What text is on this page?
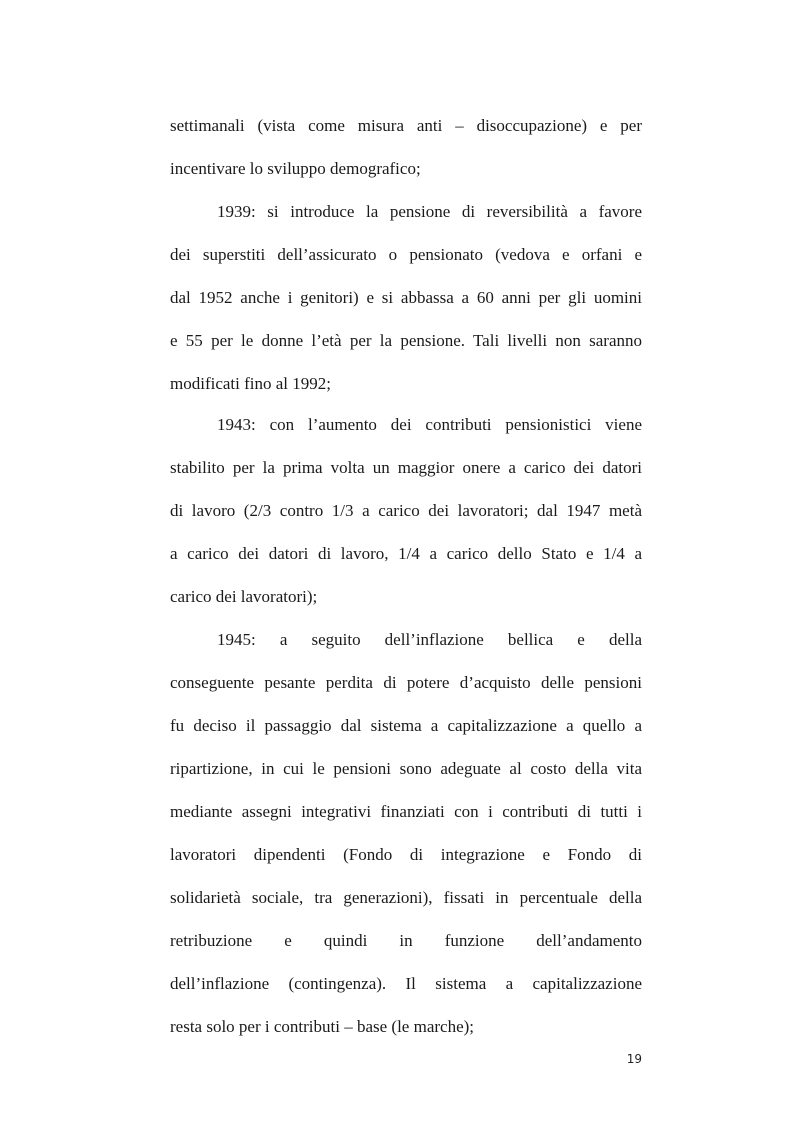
settimanali (vista come misura anti – disoccupazione) e per
incentivare lo sviluppo demografico;
1939: si introduce la pensione di reversibilità a favore
dei superstiti dell’assicurato o pensionato (vedova e orfani e
dal 1952 anche i genitori) e si abbassa a 60 anni per gli uomini
e 55 per le donne l’età per la pensione. Tali livelli non saranno
modificati fino al 1992;
1943: con l’aumento dei contributi pensionistici viene
stabilito per la prima volta un maggior onere a carico dei datori
di lavoro (2/3 contro 1/3 a carico dei lavoratori; dal 1947 metà
a carico dei datori di lavoro, 1/4 a carico dello Stato e 1/4 a
carico dei lavoratori);
1945: a seguito dell’inflazione bellica e della
conseguente pesante perdita di potere d’acquisto delle pensioni
fu deciso il passaggio dal sistema a capitalizzazione a quello a
ripartizione, in cui le pensioni sono adeguate al costo della vita
mediante assegni integrativi finanziati con i contributi di tutti i
lavoratori dipendenti (Fondo di integrazione e Fondo di
solidarietà sociale, tra generazioni), fissati in percentuale della
retribuzione e quindi in funzione dell’andamento
dell’inflazione (contingenza). Il sistema a capitalizzazione
resta solo per i contributi – base (le marche);
19
